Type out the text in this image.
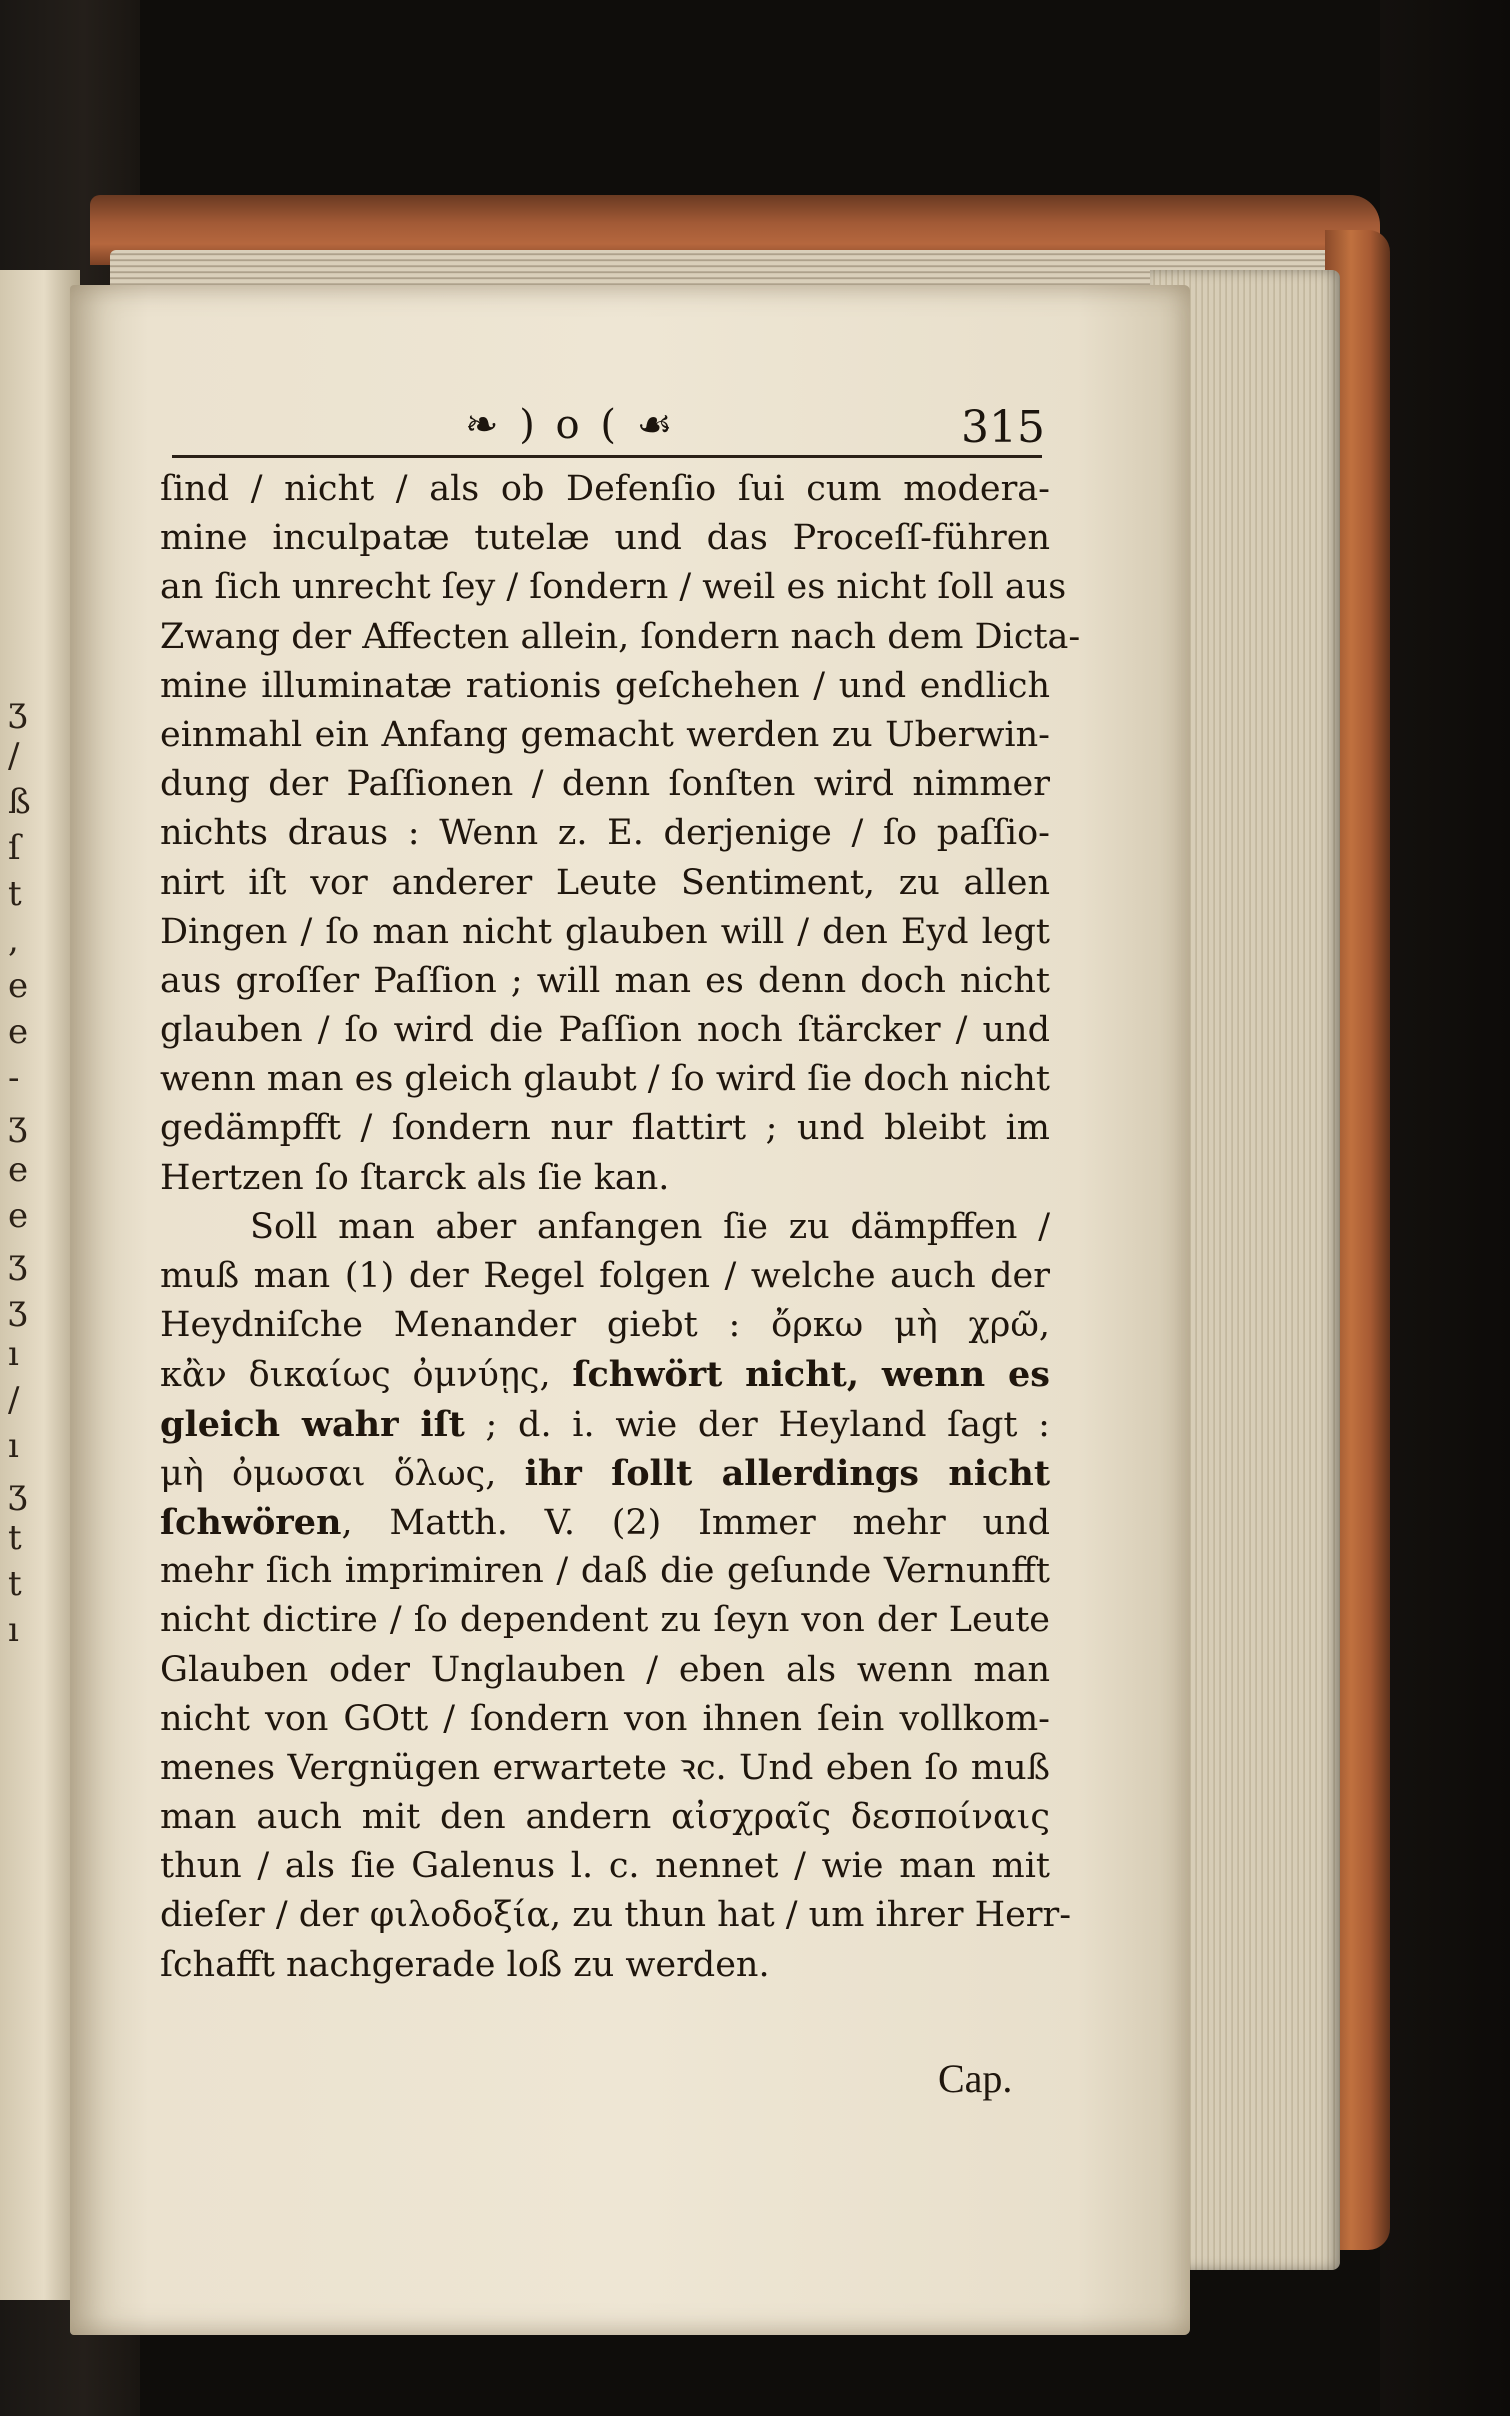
ʒ
/
ß
ſ
t
,
e
e
-
ʒ
e
e
ʒ
ʒ
ı
/
ı
ʒ
t
t
ı
❧ ) o ( ☙	315
ſind / nicht / als ob Defenſio ſui cum modera-
mine inculpatæ tutelæ und das Proceſſ-führen
an ſich unrecht ſey / ſondern / weil es nicht ſoll aus
Zwang der Affecten allein, ſondern nach dem Dicta-
mine illuminatæ rationis geſchehen / und endlich
einmahl ein Anfang gemacht werden zu Uberwin-
dung der Paſſionen / denn ſonſten wird nimmer
nichts draus : Wenn z. E. derjenige / ſo paſſio-
nirt iſt vor anderer Leute Sentiment, zu allen
Dingen / ſo man nicht glauben will / den Eyd legt
aus groſſer Paſſion ; will man es denn doch nicht
glauben / ſo wird die Paſſion noch ſtärcker / und
wenn man es gleich glaubt / ſo wird ſie doch nicht
gedämpfft / ſondern nur flattirt ; und bleibt im
Hertzen ſo ſtarck als ſie kan.
Soll man aber anfangen ſie zu dämpffen /
muß man (1) der Regel folgen / welche auch der
Heydniſche Menander giebt : ὄρκω μὴ χρῶ,
κἂν δικαίως ὀμνύῃς, ſchwört nicht, wenn es
gleich wahr iſt ; d. i. wie der Heyland ſagt :
μὴ ὀμωσαι ὅλως, ihr ſollt allerdings nicht
ſchwören, Matth. V. (2) Immer mehr und
mehr ſich imprimiren / daß die geſunde Vernunfft
nicht dictire / ſo dependent zu ſeyn von der Leute
Glauben oder Unglauben / eben als wenn man
nicht von GOtt / ſondern von ihnen ſein vollkom-
menes Vergnügen erwartete ꝛc. Und eben ſo muß
man auch mit den andern αἰσχραῖς δεσποίναις
thun / als ſie Galenus l. c. nennet / wie man mit
dieſer / der φιλοδοξία, zu thun hat / um ihrer Herr-
ſchafft nachgerade loß zu werden.
Cap.
